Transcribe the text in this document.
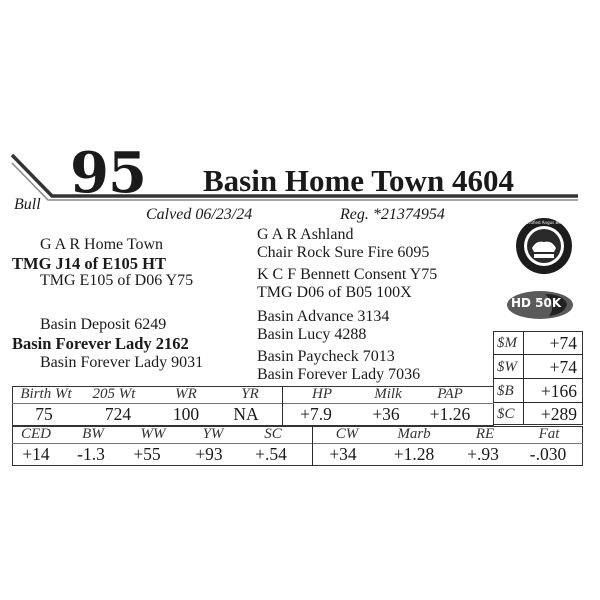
95 Basin Home Town 4604
Bull
Calved 06/23/24	Reg. *21374954
G A R Home Town
TMG J14 of E105 HT
TMG E105 of D06 Y75
G A R Ashland
Chair Rock Sure Fire 6095
K C F Bennett Consent Y75
TMG D06 of B05 100X
Basin Deposit 6249
Basin Forever Lady 2162
Basin Forever Lady 9031
Basin Advance 3134
Basin Lucy 4288
Basin Paycheck 7013
Basin Forever Lady 7036
Certified Angus Beef
HD 50K
$M	+74
$W	+74
$B	+166
$C	+289
Birth Wt	205 Wt	WR	YR
75	724	100	NA
HP	Milk	PAP
+7.9	+36	+1.26
CED	BW	WW	YW	SC
+14	-1.3	+55	+93	+.54
CW	Marb	RE	Fat
+34	+1.28	+.93	-.030
